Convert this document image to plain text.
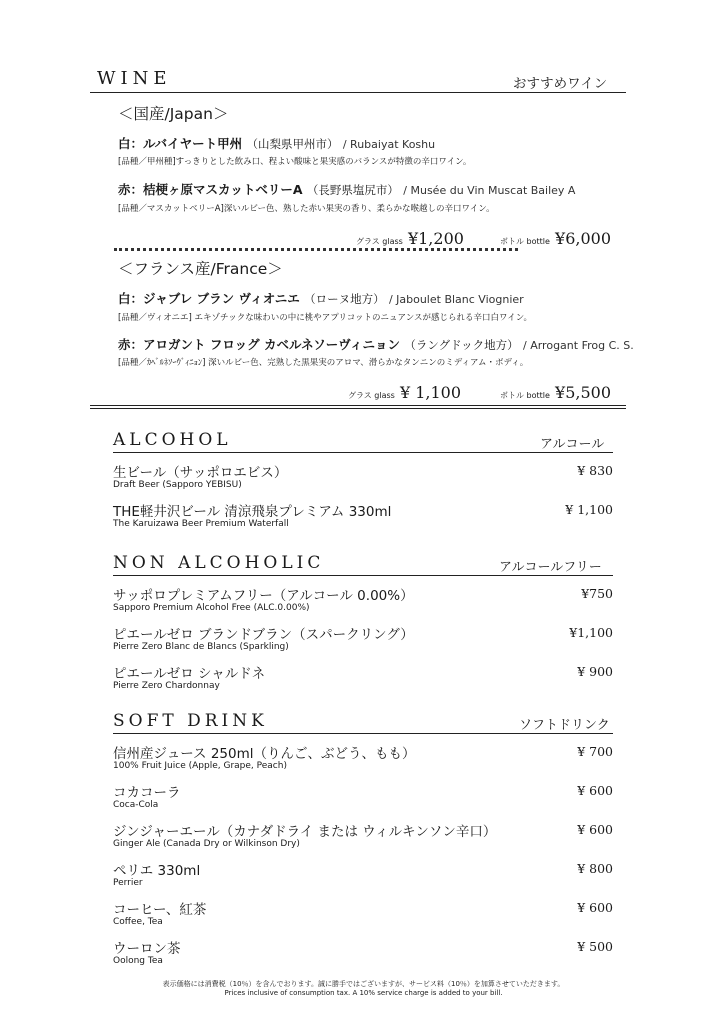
WINE	おすすめワイン
＜国産/Japan＞
白：ルバイヤート甲州 （山梨県甲州市） / Rubaiyat Koshu
[品種／甲州種]すっきりとした飲み口、程よい酸味と果実感のバランスが特徴の辛口ワイン。
赤：桔梗ヶ原マスカットベリーA （長野県塩尻市） / Musée du Vin Muscat Bailey A
[品種／マスカットベリーA]深いルビー色、熟した赤い果実の香り、柔らかな喉越しの辛口ワイン。
グラス glass ¥1,200	ボトル bottle ¥6,000
＜フランス産/France＞
白：ジャブレ ブラン ヴィオニエ （ローヌ地方） / Jaboulet Blanc Viognier
[品種／ヴィオニエ] エキゾチックな味わいの中に桃やアプリコットのニュアンスが感じられる辛口白ワイン。
赤：アロガント フロッグ カベルネソーヴィニョン （ラングドック地方） / Arrogant Frog C. S.
[品種／ｶﾍﾞﾙﾈｿｰｳﾞｨﾆｮﾝ] 深いルビー色、完熟した黒果実のアロマ、滑らかなタンニンのミディアム・ボディ。
グラス glass ¥ 1,100	ボトル bottle ¥5,500
ALCOHOL	アルコール
生ビール（サッポロエビス）
Draft Beer (Sapporo YEBISU)
¥ 830
THE軽井沢ビール 清涼飛泉プレミアム 330ml
The Karuizawa Beer Premium Waterfall
¥ 1,100
NON ALCOHOLIC	アルコールフリー
サッポロプレミアムフリー（アルコール 0.00%）
Sapporo Premium Alcohol Free (ALC.0.00%)
¥750
ピエールゼロ ブランドブラン（スパークリング）
Pierre Zero Blanc de Blancs (Sparkling)
¥1,100
ピエールゼロ シャルドネ
Pierre Zero Chardonnay
¥ 900
SOFT DRINK	ソフトドリンク
信州産ジュース 250ml（りんご、ぶどう、もも）
100% Fruit Juice (Apple, Grape, Peach)
¥ 700
コカコーラ
Coca-Cola
¥ 600
ジンジャーエール（カナダドライ または ウィルキンソン辛口）
Ginger Ale (Canada Dry or Wilkinson Dry)
¥ 600
ペリエ 330ml
Perrier
¥ 800
コーヒー、紅茶
Coffee, Tea
¥ 600
ウーロン茶
Oolong Tea
¥ 500
表示価格には消費税（10％）を含んでおります。誠に勝手ではございますが、サービス料（10％）を加算させていただきます。
Prices inclusive of consumption tax. A 10% service charge is added to your bill.
